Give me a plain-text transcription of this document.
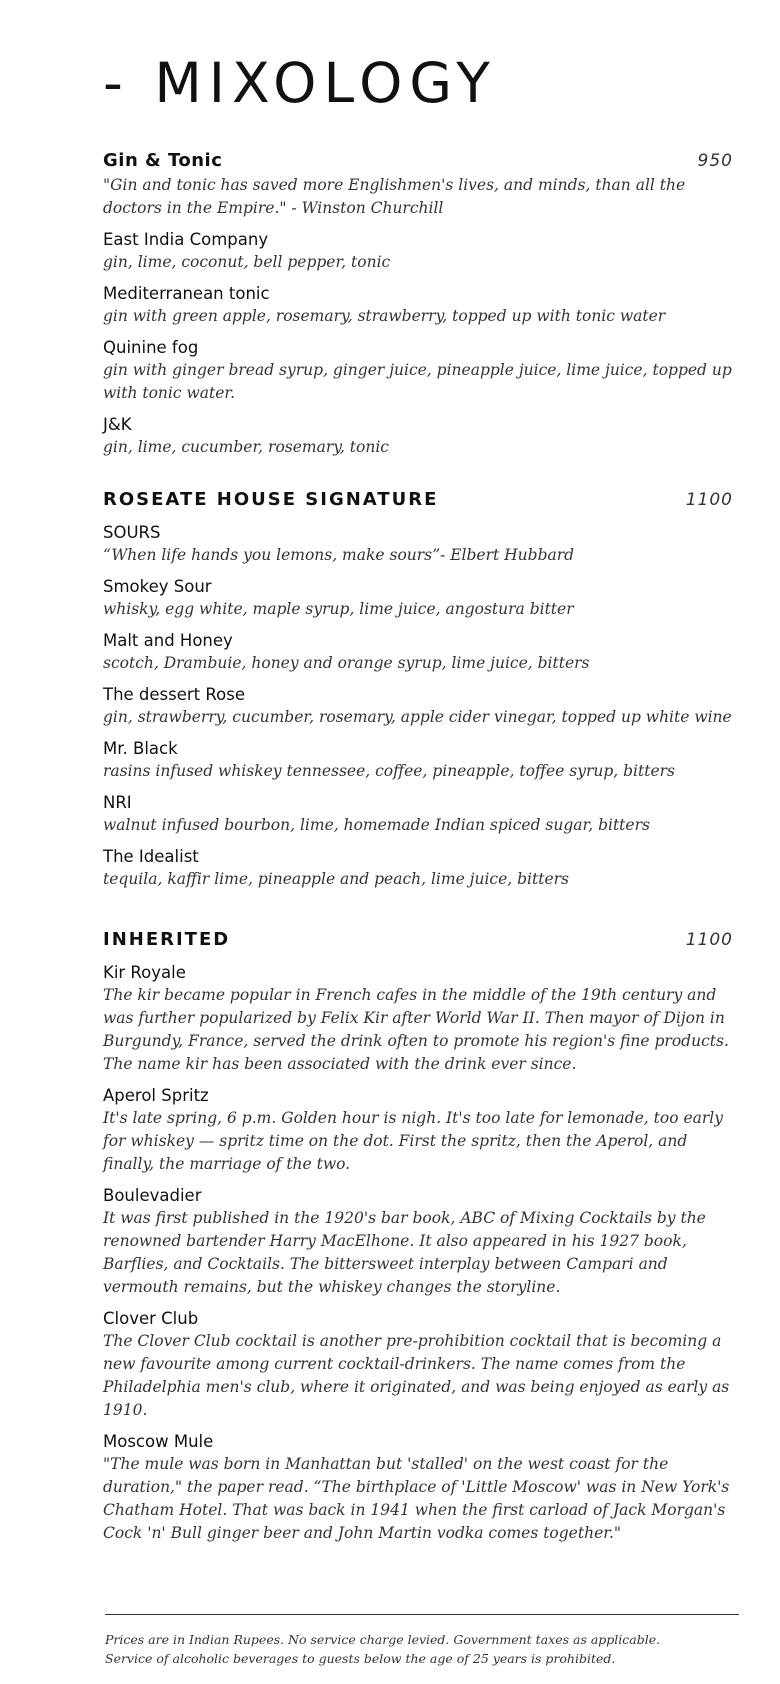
- MIXOLOGY
Gin & Tonic	950
"Gin and tonic has saved more Englishmen's lives, and minds, than all the doctors in the Empire." - Winston Churchill
East India Company
gin, lime, coconut, bell pepper, tonic
Mediterranean tonic
gin with green apple, rosemary, strawberry, topped up with tonic water
Quinine fog
gin with ginger bread syrup, ginger juice, pineapple juice, lime juice, topped up with tonic water.
J&K
gin, lime, cucumber, rosemary, tonic
ROSEATE HOUSE SIGNATURE	1100
SOURS
“When life hands you lemons, make sours”- Elbert Hubbard
Smokey Sour
whisky, egg white, maple syrup, lime juice, angostura bitter
Malt and Honey
scotch, Drambuie, honey and orange syrup, lime juice, bitters
The dessert Rose
gin, strawberry, cucumber, rosemary, apple cider vinegar, topped up white wine
Mr. Black
rasins infused whiskey tennessee, coffee, pineapple, toffee syrup, bitters
NRI
walnut infused bourbon, lime, homemade Indian spiced sugar, bitters
The Idealist
tequila, kaffir lime, pineapple and peach, lime juice, bitters
INHERITED	1100
Kir Royale
The kir became popular in French cafes in the middle of the 19th century and was further popularized by Felix Kir after World War II. Then mayor of Dijon in Burgundy, France, served the drink often to promote his region's fine products. The name kir has been associated with the drink ever since.
Aperol Spritz
It's late spring, 6 p.m. Golden hour is nigh. It's too late for lemonade, too early for whiskey — spritz time on the dot. First the spritz, then the Aperol, and finally, the marriage of the two.
Boulevadier
It was first published in the 1920's bar book, ABC of Mixing Cocktails by the renowned bartender Harry MacElhone. It also appeared in his 1927 book, Barflies, and Cocktails. The bittersweet interplay between Campari and vermouth remains, but the whiskey changes the storyline.
Clover Club
The Clover Club cocktail is another pre-prohibition cocktail that is becoming a new favourite among current cocktail-drinkers. The name comes from the Philadelphia men's club, where it originated, and was being enjoyed as early as 1910.
Moscow Mule
"The mule was born in Manhattan but 'stalled' on the west coast for the duration," the paper read. “The birthplace of 'Little Moscow' was in New York's Chatham Hotel. That was back in 1941 when the first carload of Jack Morgan's Cock 'n' Bull ginger beer and John Martin vodka comes together."
Prices are in Indian Rupees. No service charge levied. Government taxes as applicable.
Service of alcoholic beverages to guests below the age of 25 years is prohibited.
